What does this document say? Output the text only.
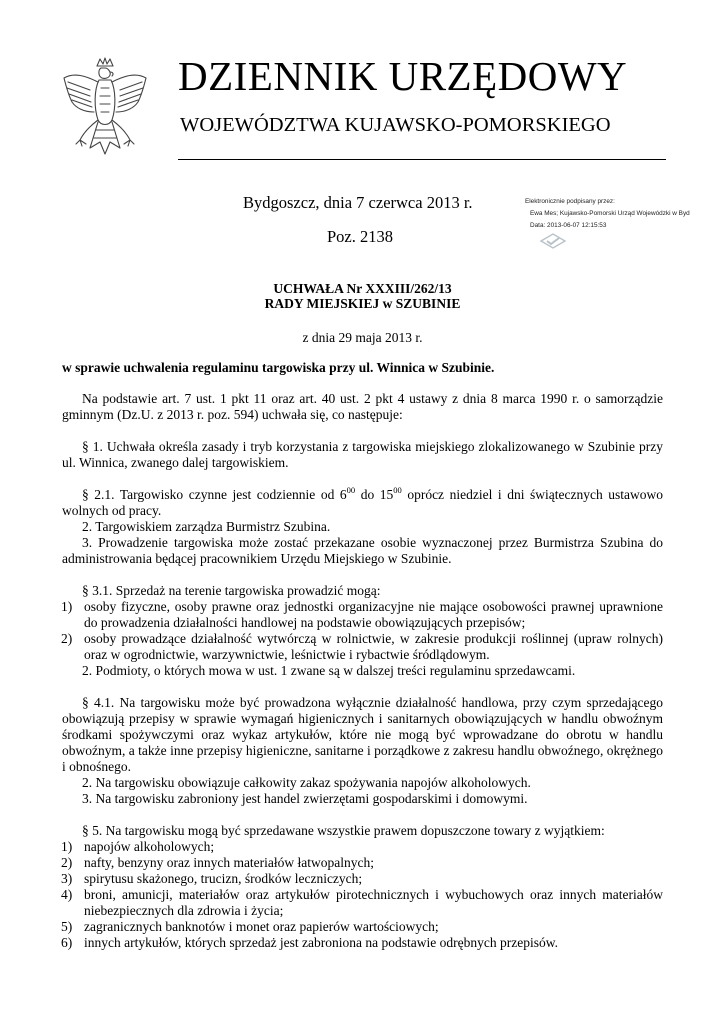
DZIENNIK URZĘDOWY
WOJEWÓDZTWA KUJAWSKO-POMORSKIEGO
Bydgoszcz, dnia 7 czerwca 2013 r.
Poz. 2138
Elektronicznie podpisany przez:
Ewa Mes; Kujawsko-Pomorski Urząd Wojewódzki w Byd
Data: 2013-06-07 12:15:53
UCHWAŁA Nr XXXIII/262/13
RADY MIEJSKIEJ w SZUBINIE
z dnia 29 maja 2013 r.
w sprawie uchwalenia regulaminu targowiska przy ul. Winnica w Szubinie.

Na podstawie art. 7 ust. 1 pkt 11 oraz art. 40 ust. 2 pkt 4 ustawy z dnia 8 marca 1990 r. o samorządzie gminnym (Dz.U. z 2013 r. poz. 594) uchwała się, co następuje:

§ 1. Uchwała określa zasady i tryb korzystania z targowiska miejskiego zlokalizowanego w Szubinie przy ul. Winnica, zwanego dalej targowiskiem.

§ 2.1. Targowisko czynne jest codziennie od $6^{00}$ do $15^{00}$ oprócz niedziel i dni świątecznych ustawowo wolnych od pracy.

2. Targowiskiem zarządza Burmistrz Szubina.

3. Prowadzenie targowiska może zostać przekazane osobie wyznaczonej przez Burmistrza Szubina do administrowania będącej pracownikiem Urzędu Miejskiego w Szubinie.

§ 3.1. Sprzedaż na terenie targowiska prowadzić mogą:

1) osoby fizyczne, osoby prawne oraz jednostki organizacyjne nie mające osobowości prawnej uprawnione do prowadzenia działalności handlowej na podstawie obowiązujących przepisów;
2) osoby prowadzące działalność wytwórczą w rolnictwie, w zakresie produkcji roślinnej (upraw rolnych) oraz w ogrodnictwie, warzywnictwie, leśnictwie i rybactwie śródlądowym.

2. Podmioty, o których mowa w ust. 1 zwane są w dalszej treści regulaminu sprzedawcami.

§ 4.1. Na targowisku może być prowadzona wyłącznie działalność handlowa, przy czym sprzedającego obowiązują przepisy w sprawie wymagań higienicznych i sanitarnych obowiązujących w handlu obwoźnym środkami spożywczymi oraz wykaz artykułów, które nie mogą być wprowadzane do obrotu w handlu obwoźnym, a także inne przepisy higieniczne, sanitarne i porządkowe z zakresu handlu obwoźnego, okrężnego i obnośnego.

2. Na targowisku obowiązuje całkowity zakaz spożywania napojów alkoholowych.

3. Na targowisku zabroniony jest handel zwierzętami gospodarskimi i domowymi.

§ 5. Na targowisku mogą być sprzedawane wszystkie prawem dopuszczone towary z wyjątkiem:

1) napojów alkoholowych;
2) nafty, benzyny oraz innych materiałów łatwopalnych;
3) spirytusu skażonego, trucizn, środków leczniczych;
4) broni, amunicji, materiałów oraz artykułów pirotechnicznych i wybuchowych oraz innych materiałów niebezpiecznych dla zdrowia i życia;
5) zagranicznych banknotów i monet oraz papierów wartościowych;
6) innych artykułów, których sprzedaż jest zabroniona na podstawie odrębnych przepisów.
